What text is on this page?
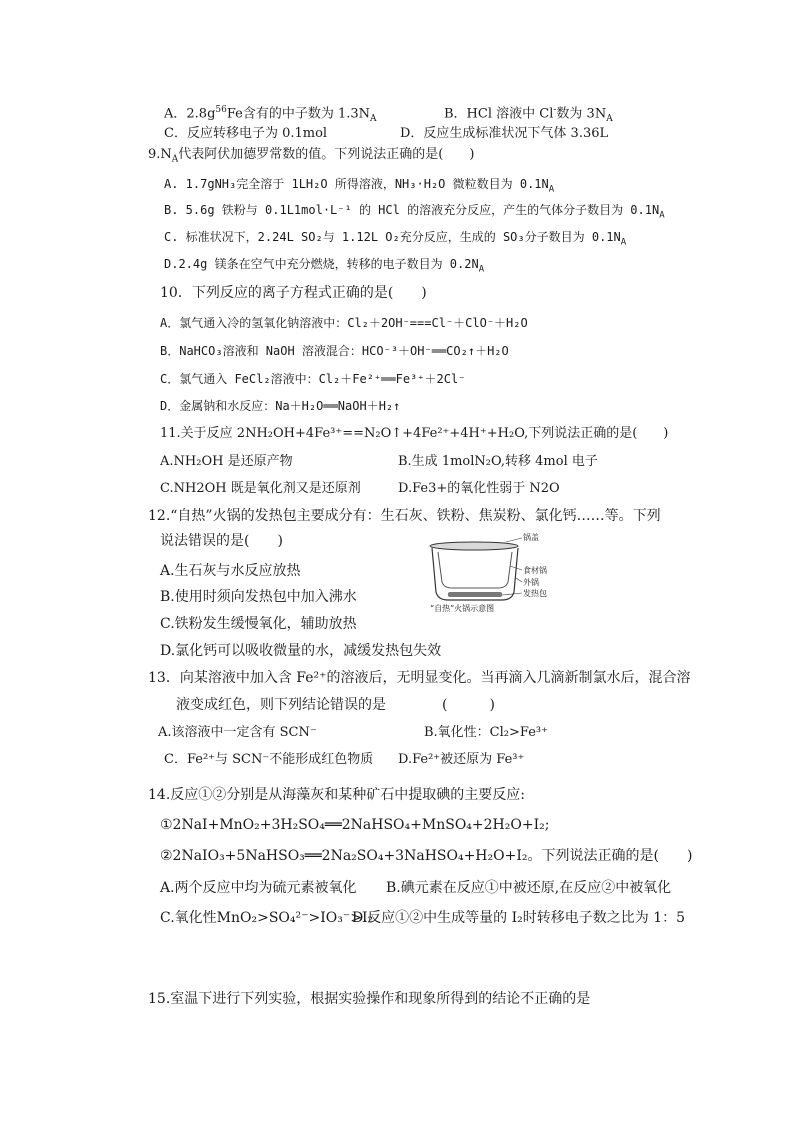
A．$2.8g^{56}Fe$含有的中子数为 $1.3N_A$	B．HCl 溶液中 Cl-数为 $3N_A$
C．反应转移电子为 0.1mol	D．反应生成标准状况下气体 3.36L
$9.N_A$代表阿伏加德罗常数的值。下列说法正确的是(　　)
A. 1.7gNH₃完全溶于 1LH₂O 所得溶液，NH₃·H₂O 微粒数目为 $0.1N_A$
B. 5.6g 铁粉与 0.1L1mol·L⁻¹ 的 HCl 的溶液充分反应，产生的气体分子数目为 $0.1N_A$
C. 标准状况下，2.24L SO₂与 1.12L O₂充分反应，生成的 SO₃分子数目为 $0.1N_A$
D.2.4g 镁条在空气中充分燃烧，转移的电子数目为 $0.2N_A$
10．下列反应的离子方程式正确的是(　　)
A．氯气通入冷的氢氧化钠溶液中：Cl₂＋2OH⁻===Cl⁻＋ClO⁻＋H₂O
B．NaHCO₃溶液和 NaOH 溶液混合：HCO⁻³＋OH⁻══CO₂↑＋H₂O
C．氯气通入 FeCl₂溶液中：Cl₂＋Fe²⁺══Fe³⁺＋2Cl⁻
D．金属钠和水反应：Na＋H₂O══NaOH＋H₂↑
11.关于反应 2NH₂OH+4Fe³⁺==N₂O↑+4Fe²⁺+4H⁺+H₂O,下列说法正确的是(　　)
A.NH₂OH 是还原产物	B.生成 1molN₂O,转移 4mol 电子
C.NH2OH 既是氧化剂又是还原剂	D.Fe3+的氧化性弱于 N2O
12.“自热”火锅的发热包主要成分有：生石灰、铁粉、焦炭粉、氯化钙……等。下列
说法错误的是(　　)
A.生石灰与水反应放热
B.使用时须向发热包中加入沸水
C.铁粉发生缓慢氧化，辅助放热
D.氯化钙可以吸收微量的水，减缓发热包失效
锅盖
食材锅
外锅
发热包
“自热”火锅示意图
13．向某溶液中加入含 Fe²⁺的溶液后，无明显变化。当再滴入几滴新制氯水后，混合溶
液变成红色，则下列结论错误的是　　　　(　　　)
A.该溶液中一定含有 SCN⁻	B.氧化性：Cl₂>Fe³⁺
C．Fe²⁺与 SCN⁻不能形成红色物质 D.Fe²⁺被还原为 Fe³⁺
14.反应①②分别是从海藻灰和某种矿石中提取碘的主要反应:
①2NaI+MnO₂+3H₂SO₄══2NaHSO₄+MnSO₄+2H₂O+I₂;
②2NaIO₃+5NaHSO₃══2Na₂SO₄+3NaHSO₄+H₂O+I₂。下列说法正确的是(　　)
A.两个反应中均为硫元素被氧化 B.碘元素在反应①中被还原,在反应②中被氧化
C.氧化性MnO₂>SO₄²⁻>IO₃⁻>I₂
D.反应①②中生成等量的 I₂时转移电子数之比为 1：5
15.室温下进行下列实验，根据实验操作和现象所得到的结论不正确的是
